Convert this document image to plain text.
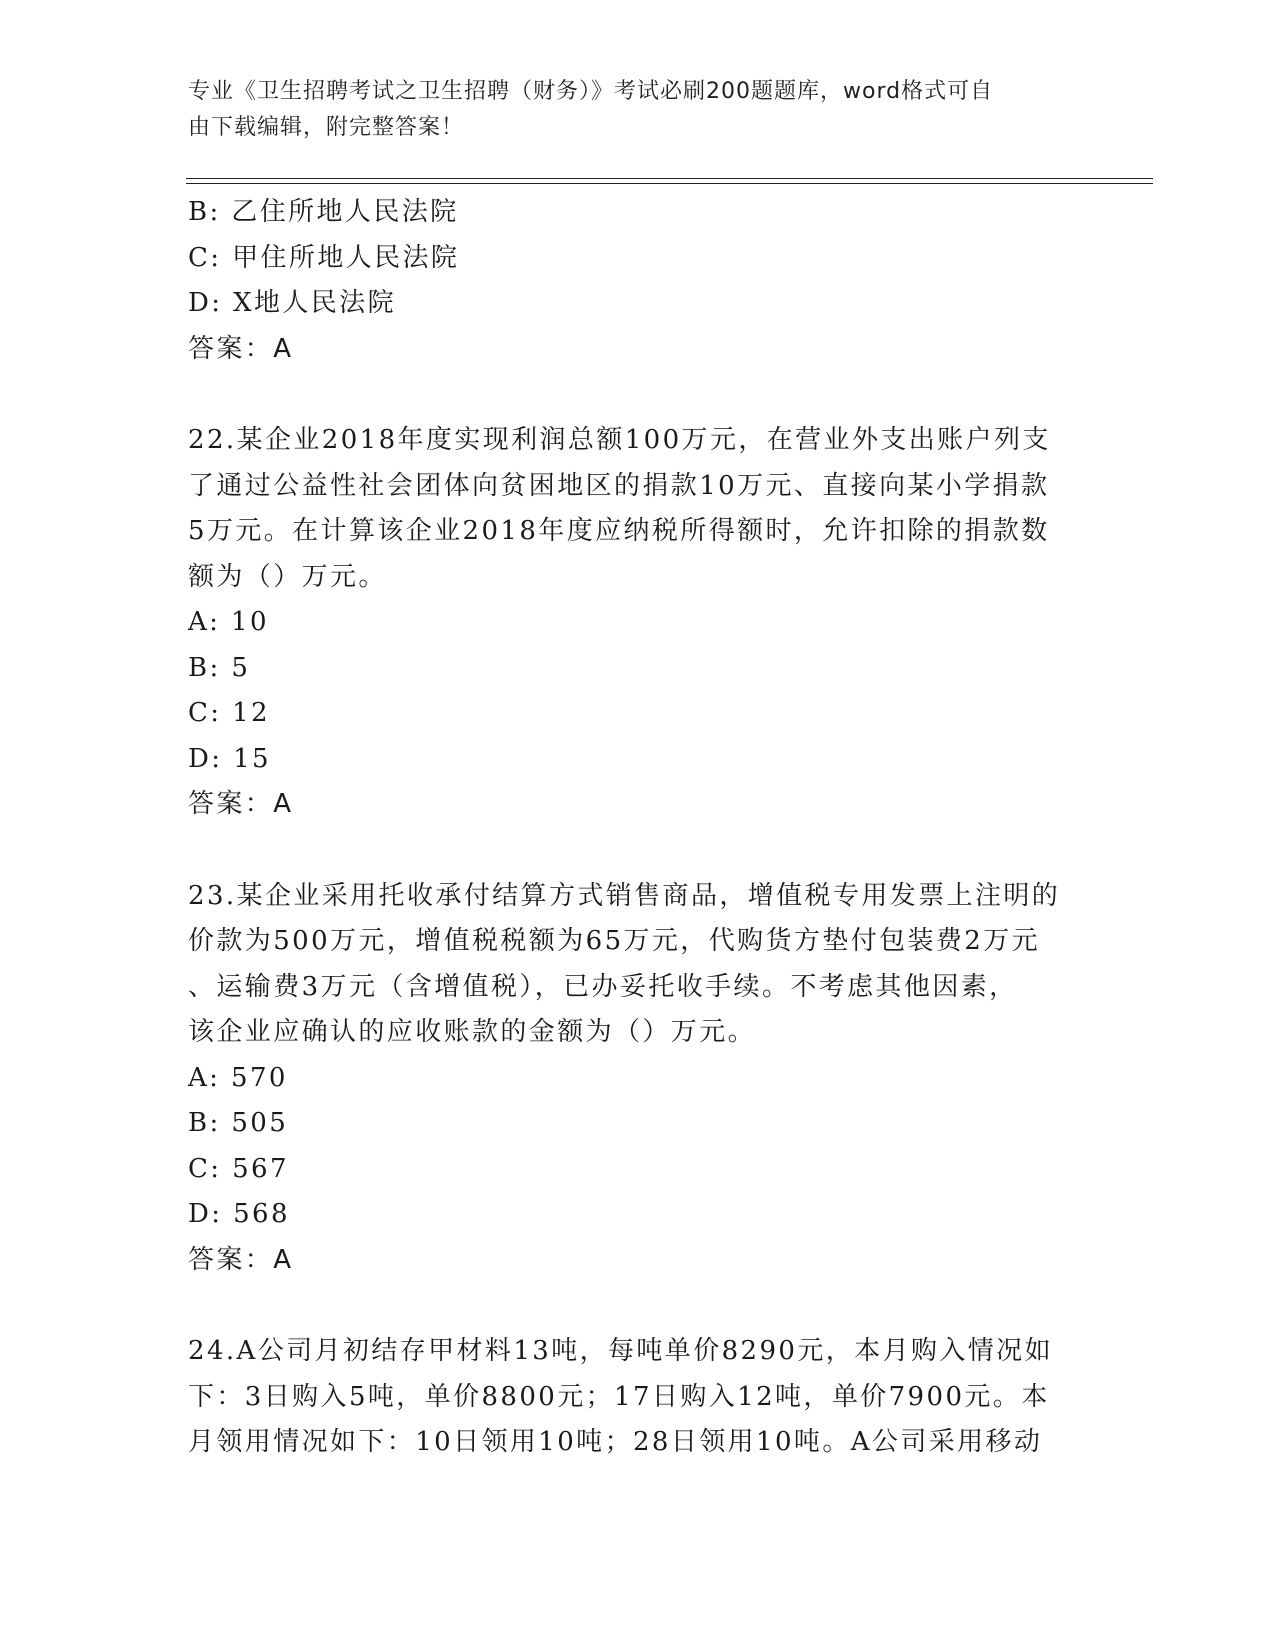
专业《卫生招聘考试之卫生招聘（财务）》考试必刷200题题库，word格式可自
由下载编辑，附完整答案！
B: 乙住所地人民法院
C: 甲住所地人民法院
D: X地人民法院
答案：A
22.某企业2018年度实现利润总额100万元，在营业外支出账户列支
了通过公益性社会团体向贫困地区的捐款10万元、直接向某小学捐款
5万元。在计算该企业2018年度应纳税所得额时，允许扣除的捐款数
额为（）万元。
A: 10
B: 5
C: 12
D: 15
答案：A
23.某企业采用托收承付结算方式销售商品，增值税专用发票上注明的
价款为500万元，增值税税额为65万元，代购货方垫付包装费2万元
、运输费3万元（含增值税），已办妥托收手续。不考虑其他因素，
该企业应确认的应收账款的金额为（）万元。
A: 570
B: 505
C: 567
D: 568
答案：A
24.A公司月初结存甲材料13吨，每吨单价8290元，本月购入情况如
下：3日购入5吨，单价8800元；17日购入12吨，单价7900元。本
月领用情况如下：10日领用10吨；28日领用10吨。A公司采用移动
